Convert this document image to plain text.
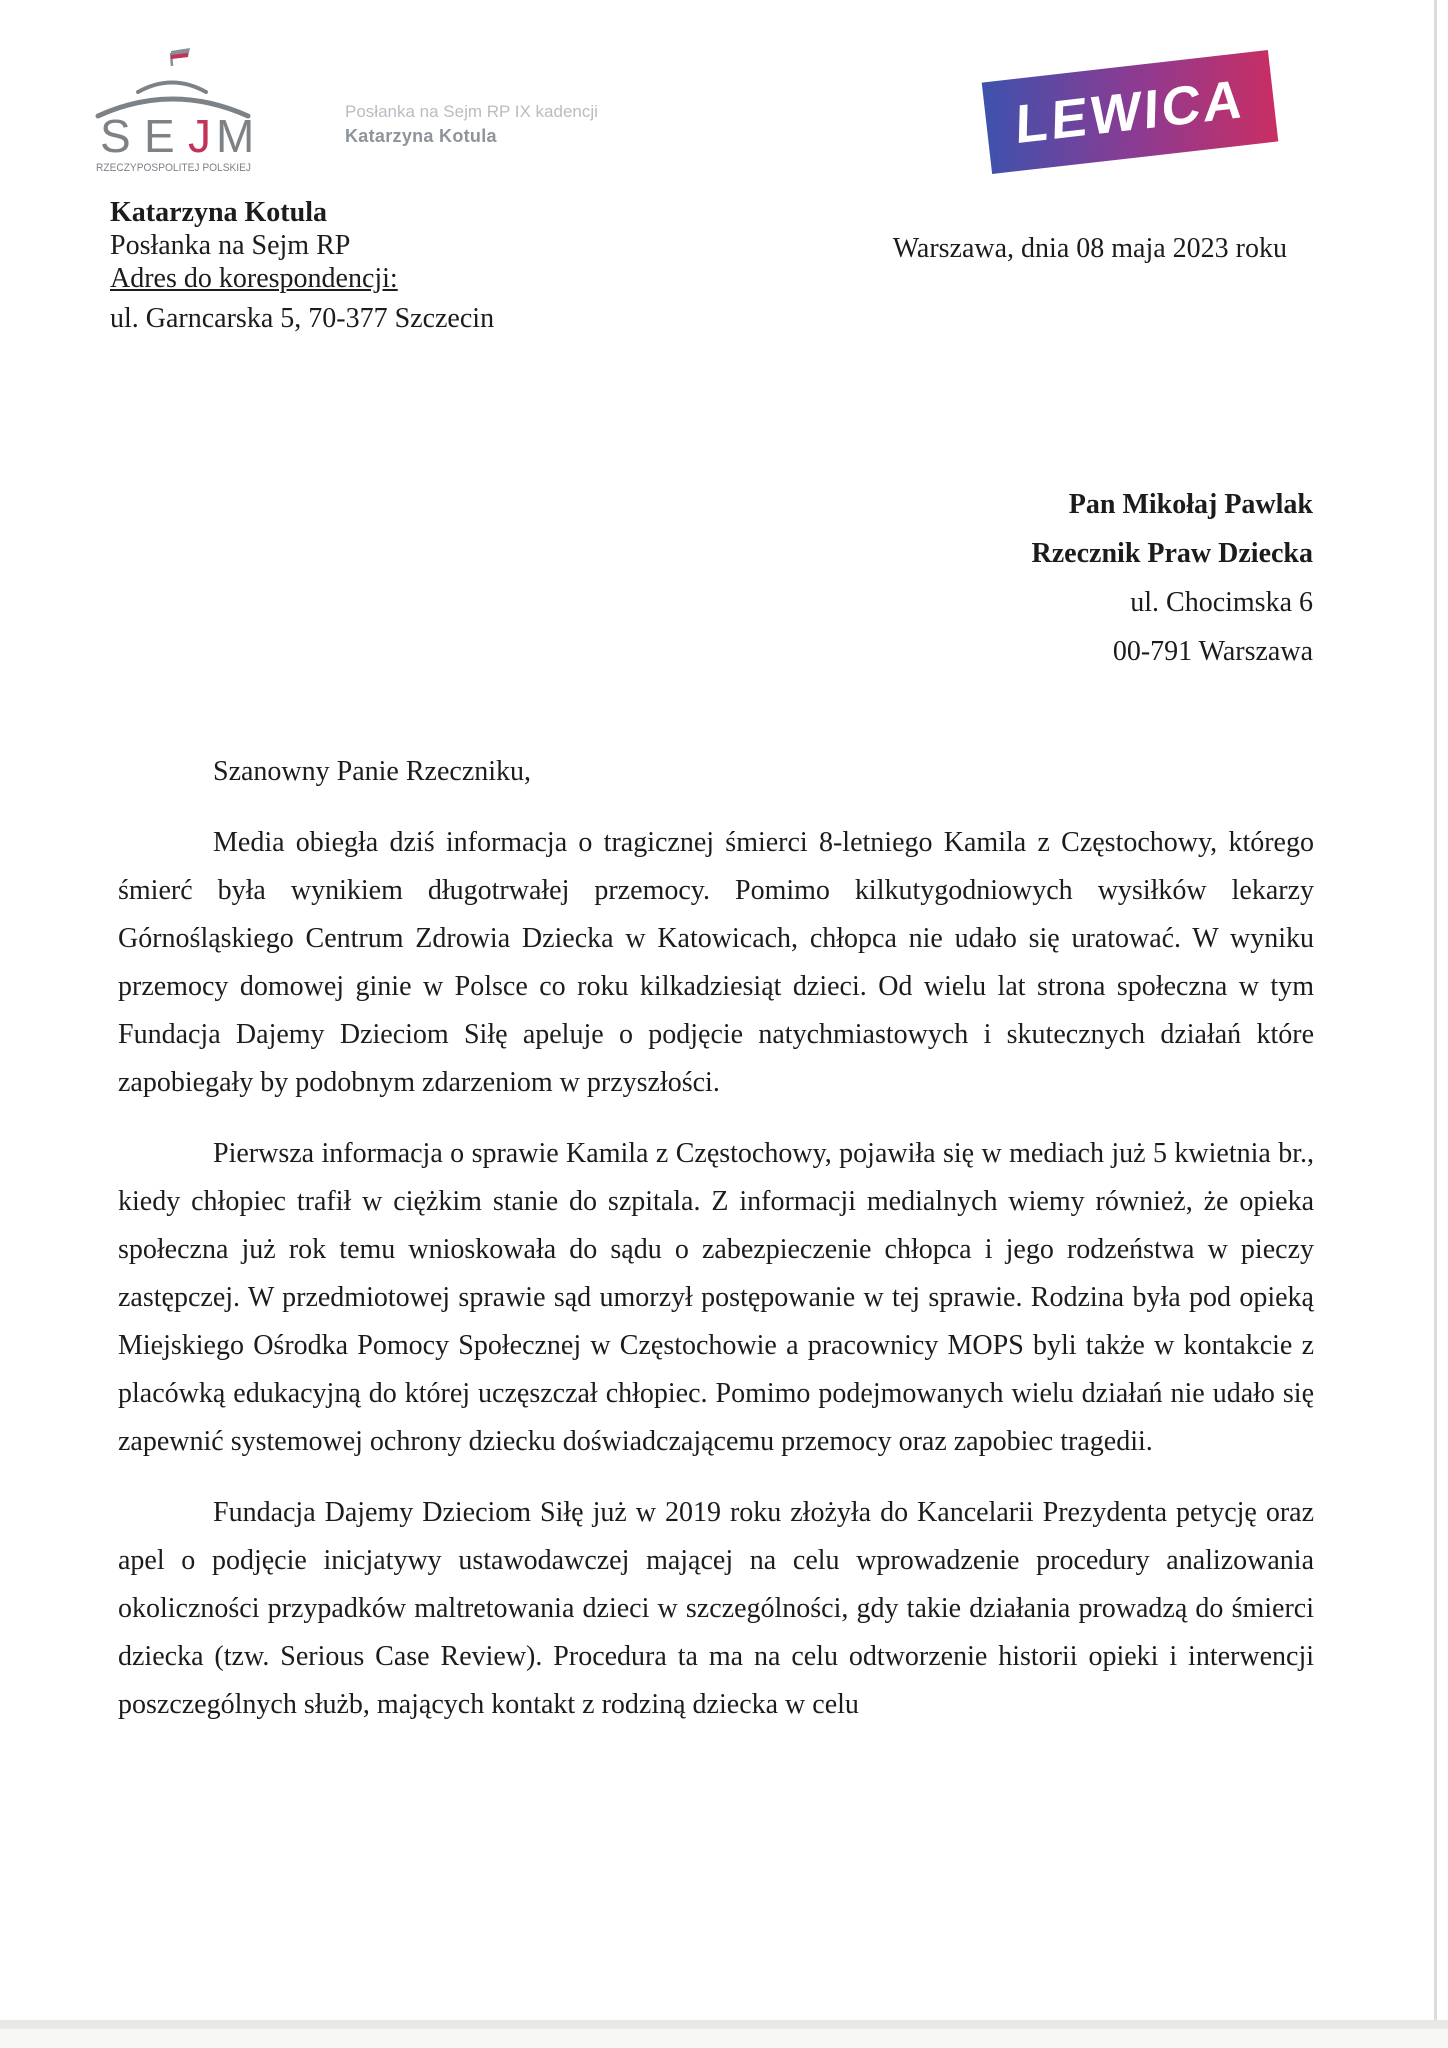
S E J M
RZECZYPOSPOLITEJ POLSKIEJ
Posłanka na Sejm RP IX kadencji
Katarzyna Kotula	LEWICA
Warszawa, dnia 08 maja 2023 roku
Katarzyna Kotula
Posłanka na Sejm RP
Adres do korespondencji:
ul. Garncarska 5, 70-377 Szczecin
Pan Mikołaj Pawlak
Rzecznik Praw Dziecka
ul. Chocimska 6
00-791 Warszawa

Szanowny Panie Rzeczniku,

Media obiegła dziś informacja o tragicznej śmierci 8-letniego Kamila z Częstochowy, którego śmierć była wynikiem długotrwałej przemocy. Pomimo kilkutygodniowych wysiłków lekarzy Górnośląskiego Centrum Zdrowia Dziecka w Katowicach, chłopca nie udało się uratować. W wyniku przemocy domowej ginie w Polsce co roku kilkadziesiąt dzieci. Od wielu lat strona społeczna w tym Fundacja Dajemy Dzieciom Siłę apeluje o podjęcie natychmiastowych i skutecznych działań które zapobiegały by podobnym zdarzeniom w przyszłości.

Pierwsza informacja o sprawie Kamila z Częstochowy, pojawiła się w mediach już 5 kwietnia br., kiedy chłopiec trafił w ciężkim stanie do szpitala. Z informacji medialnych wiemy również, że opieka społeczna już rok temu wnioskowała do sądu o zabezpieczenie chłopca i jego rodzeństwa w pieczy zastępczej. W przedmiotowej sprawie sąd umorzył postępowanie w tej sprawie. Rodzina była pod opieką Miejskiego Ośrodka Pomocy Społecznej w Częstochowie a pracownicy MOPS byli także w kontakcie z placówką edukacyjną do której uczęszczał chłopiec. Pomimo podejmowanych wielu działań nie udało się zapewnić systemowej ochrony dziecku doświadczającemu przemocy oraz zapobiec tragedii.

Fundacja Dajemy Dzieciom Siłę już w 2019 roku złożyła do Kancelarii Prezydenta petycję oraz apel o podjęcie inicjatywy ustawodawczej mającej na celu wprowadzenie procedury analizowania okoliczności przypadków maltretowania dzieci w szczególności, gdy takie działania prowadzą do śmierci dziecka (tzw. Serious Case Review). Procedura ta ma na celu odtworzenie historii opieki i interwencji poszczególnych służb, mających kontakt z rodziną dziecka w celu
